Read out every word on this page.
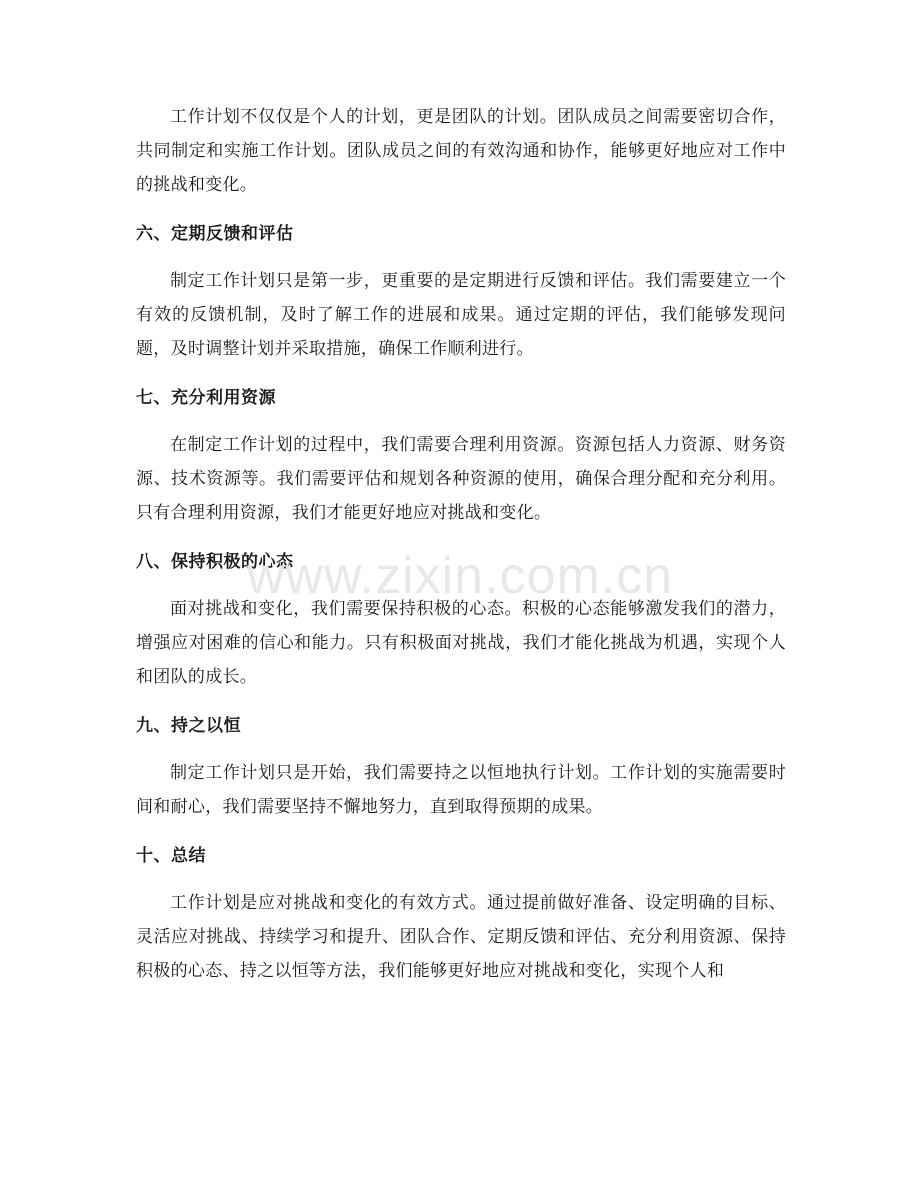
工作计划不仅仅是个人的计划，更是团队的计划。团队成员之间需要密切合作，共同制定和实施工作计划。团队成员之间的有效沟通和协作，能够更好地应对工作中的挑战和变化。

六、定期反馈和评估

制定工作计划只是第一步，更重要的是定期进行反馈和评估。我们需要建立一个有效的反馈机制，及时了解工作的进展和成果。通过定期的评估，我们能够发现问题，及时调整计划并采取措施，确保工作顺利进行。

七、充分利用资源

在制定工作计划的过程中，我们需要合理利用资源。资源包括人力资源、财务资源、技术资源等。我们需要评估和规划各种资源的使用，确保合理分配和充分利用。只有合理利用资源，我们才能更好地应对挑战和变化。

八、保持积极的心态

面对挑战和变化，我们需要保持积极的心态。积极的心态能够激发我们的潜力，增强应对困难的信心和能力。只有积极面对挑战，我们才能化挑战为机遇，实现个人和团队的成长。

九、持之以恒

制定工作计划只是开始，我们需要持之以恒地执行计划。工作计划的实施需要时间和耐心，我们需要坚持不懈地努力，直到取得预期的成果。

十、总结

工作计划是应对挑战和变化的有效方式。通过提前做好准备、设定明确的目标、灵活应对挑战、持续学习和提升、团队合作、定期反馈和评估、充分利用资源、保持积极的心态、持之以恒等方法，我们能够更好地应对挑战和变化，实现个人和

www.zixin.com.cn
